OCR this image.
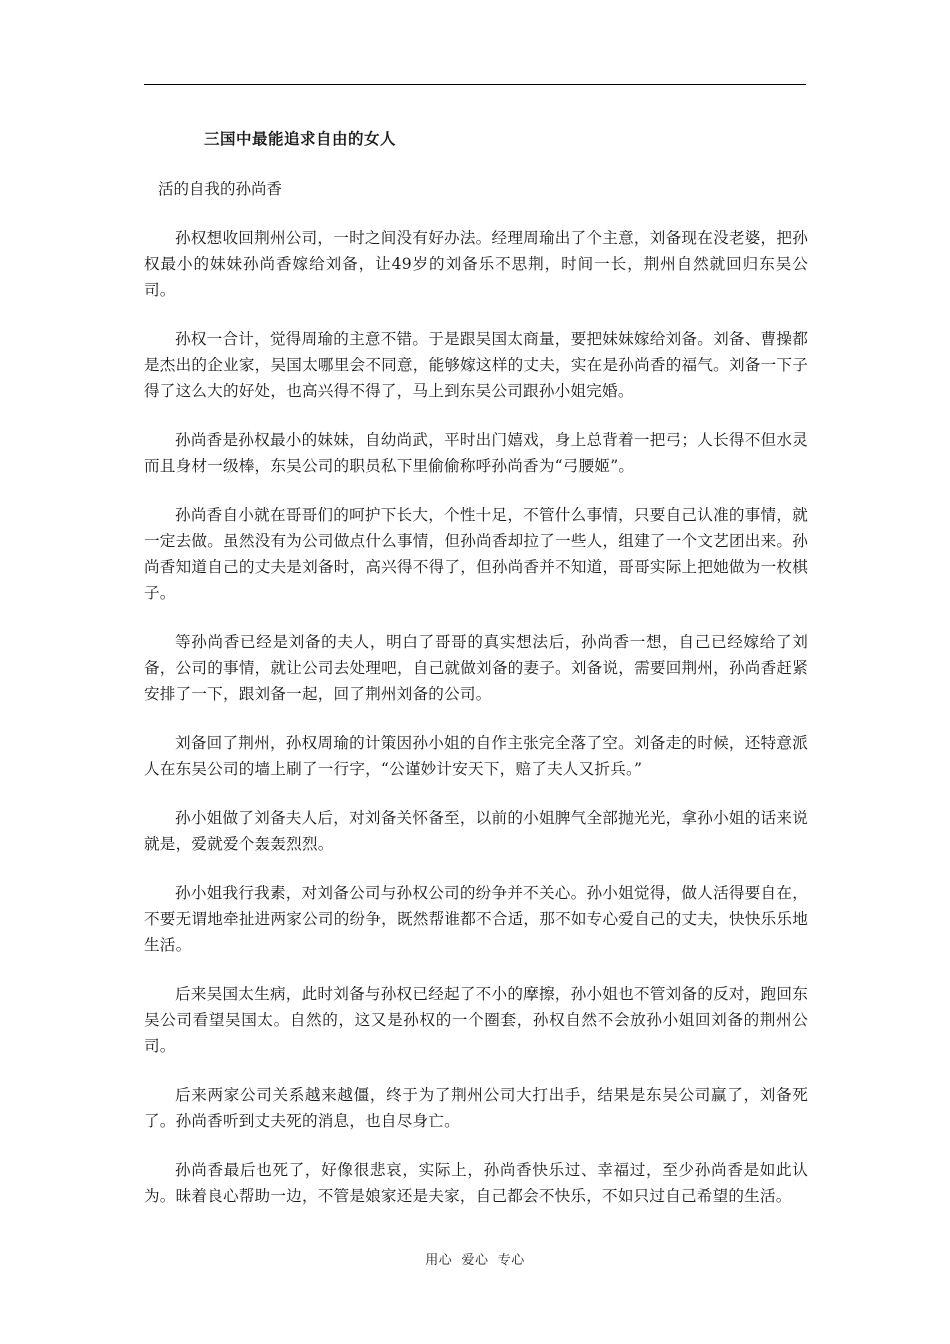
三国中最能追求自由的女人

活的自我的孙尚香

孙权想收回荆州公司，一时之间没有好办法。经理周瑜出了个主意，刘备现在没老婆，把孙权最小的妹妹孙尚香嫁给刘备，让49岁的刘备乐不思荆，时间一长，荆州自然就回归东吴公司。

孙权一合计，觉得周瑜的主意不错。于是跟吴国太商量，要把妹妹嫁给刘备。刘备、曹操都是杰出的企业家，吴国太哪里会不同意，能够嫁这样的丈夫，实在是孙尚香的福气。刘备一下子得了这么大的好处，也高兴得不得了，马上到东吴公司跟孙小姐完婚。

孙尚香是孙权最小的妹妹，自幼尚武，平时出门嬉戏，身上总背着一把弓；人长得不但水灵而且身材一级棒，东吴公司的职员私下里偷偷称呼孙尚香为“弓腰姬”。

孙尚香自小就在哥哥们的呵护下长大，个性十足，不管什么事情，只要自己认准的事情，就一定去做。虽然没有为公司做点什么事情，但孙尚香却拉了一些人，组建了一个文艺团出来。孙尚香知道自己的丈夫是刘备时，高兴得不得了，但孙尚香并不知道，哥哥实际上把她做为一枚棋子。

等孙尚香已经是刘备的夫人，明白了哥哥的真实想法后，孙尚香一想，自己已经嫁给了刘备，公司的事情，就让公司去处理吧，自己就做刘备的妻子。刘备说，需要回荆州，孙尚香赶紧安排了一下，跟刘备一起，回了荆州刘备的公司。

刘备回了荆州，孙权周瑜的计策因孙小姐的自作主张完全落了空。刘备走的时候，还特意派人在东吴公司的墙上刷了一行字，“公谨妙计安天下，赔了夫人又折兵。”

孙小姐做了刘备夫人后，对刘备关怀备至，以前的小姐脾气全部抛光光，拿孙小姐的话来说就是，爱就爱个轰轰烈烈。

孙小姐我行我素，对刘备公司与孙权公司的纷争并不关心。孙小姐觉得，做人活得要自在，不要无谓地牵扯进两家公司的纷争，既然帮谁都不合适，那不如专心爱自己的丈夫，快快乐乐地生活。

后来吴国太生病，此时刘备与孙权已经起了不小的摩擦，孙小姐也不管刘备的反对，跑回东吴公司看望吴国太。自然的，这又是孙权的一个圈套，孙权自然不会放孙小姐回刘备的荆州公司。

后来两家公司关系越来越僵，终于为了荆州公司大打出手，结果是东吴公司赢了，刘备死了。孙尚香听到丈夫死的消息，也自尽身亡。

孙尚香最后也死了，好像很悲哀，实际上，孙尚香快乐过、幸福过，至少孙尚香是如此认为。昧着良心帮助一边，不管是娘家还是夫家，自己都会不快乐，不如只过自己希望的生活。

用心  爱心  专心
